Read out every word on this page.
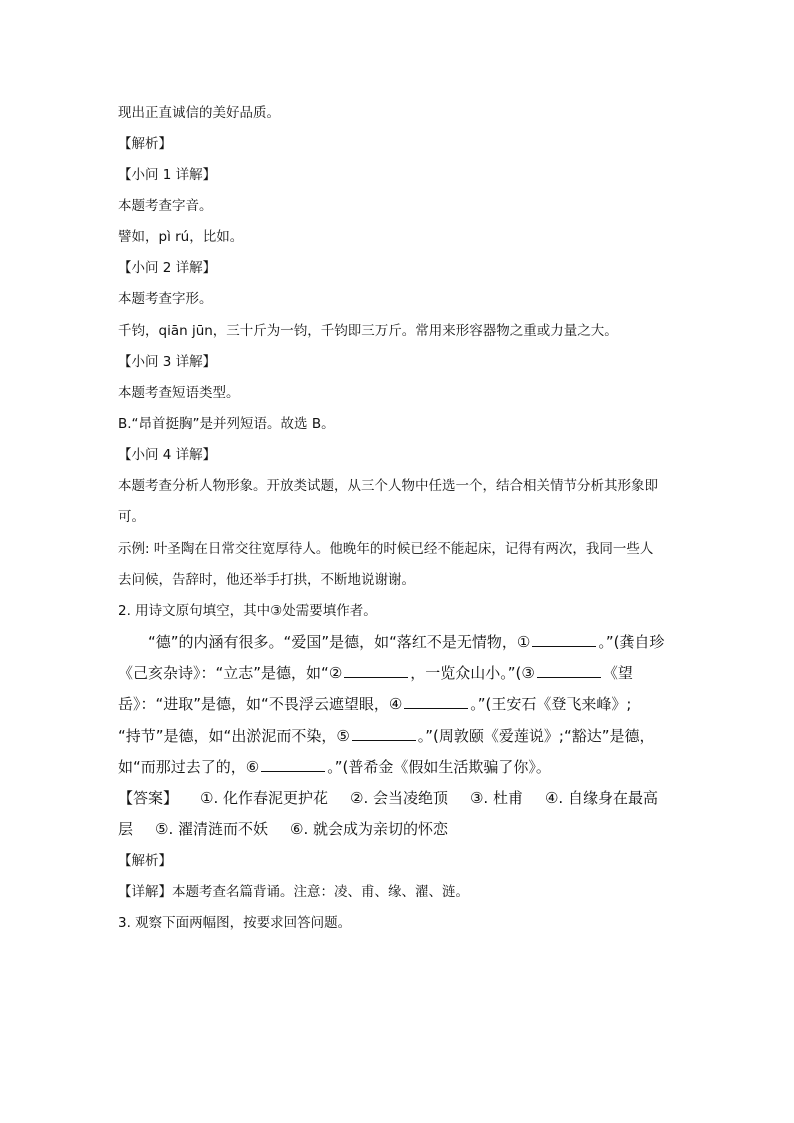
现出正直诚信的美好品质。
【解析】
【小问 1 详解】
本题考查字音。
譬如，pì rú，比如。
【小问 2 详解】
本题考查字形。
千钧，qiān jūn，三十斤为一钧，千钧即三万斤。常用来形容器物之重或力量之大。
【小问 3 详解】
本题考查短语类型。
B.“昂首挺胸”是并列短语。故选 B。
【小问 4 详解】
本题考查分析人物形象。开放类试题，从三个人物中任选一个，结合相关情节分析其形象即
可。
示例: 叶圣陶在日常交往宽厚待人。他晚年的时候已经不能起床，记得有两次，我同一些人
去问候，告辞时，他还举手打拱，不断地说谢谢。
2. 用诗文原句填空，其中③处需要填作者。
“德”的内涵有很多。“爱国”是德，如“落红不是无情物，①	。”(龚自珍
《己亥杂诗》：“立志”是德，如“②	，一览众山小。”(③	《望
岳》：“进取”是德，如“不畏浮云遮望眼，④	。”(王安石《登飞来峰》;
“持节”是德，如“出淤泥而不染，⑤	。”(周敦颐《爱莲说》;“豁达”是德，
如“而那过去了的，⑥	。”(普希金《假如生活欺骗了你》。
【答案】 ①. 化作春泥更护花 ②. 会当凌绝顶 ③. 杜甫 ④. 自缘身在最高
层 ⑤. 濯清涟而不妖 ⑥. 就会成为亲切的怀恋
【解析】
【详解】本题考查名篇背诵。注意：凌、甫、缘、濯、涟。
3. 观察下面两幅图，按要求回答问题。
